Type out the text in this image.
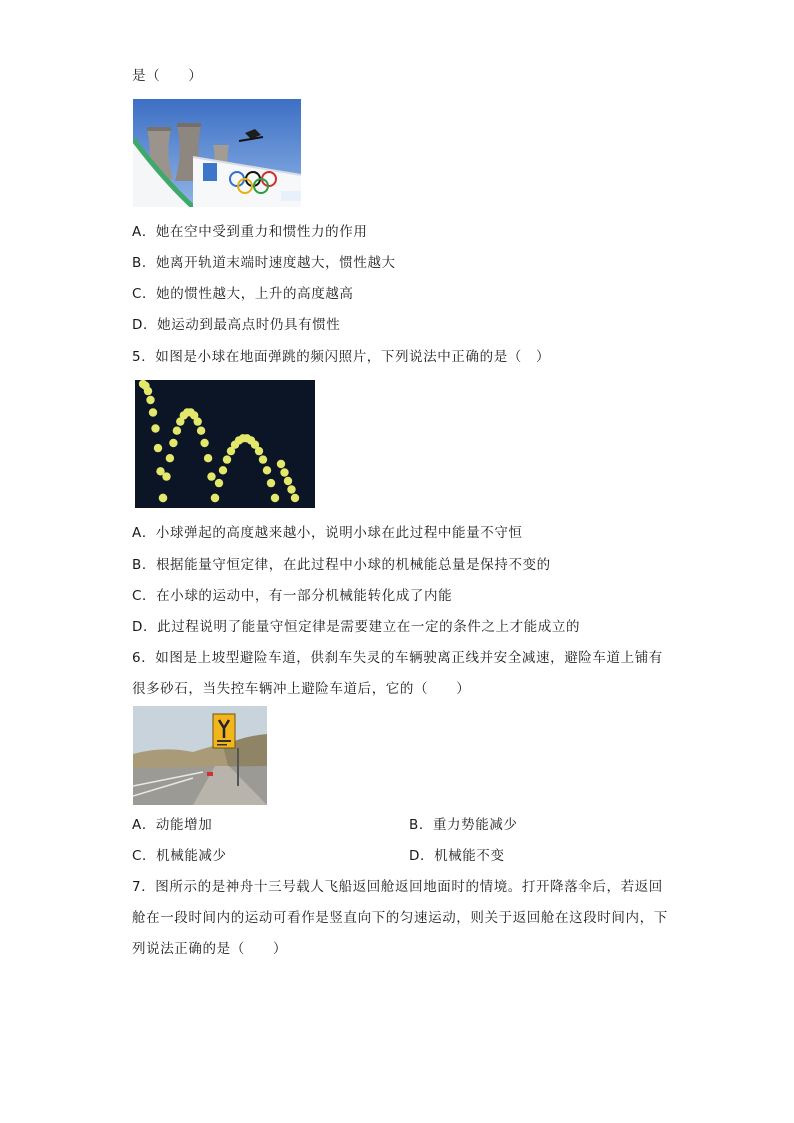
是（　　）
A．她在空中受到重力和惯性力的作用
B．她离开轨道末端时速度越大，惯性越大
C．她的惯性越大，上升的高度越高
D．她运动到最高点时仍具有惯性
5．如图是小球在地面弹跳的频闪照片，下列说法中正确的是（　）
A．小球弹起的高度越来越小，说明小球在此过程中能量不守恒
B．根据能量守恒定律，在此过程中小球的机械能总量是保持不变的
C．在小球的运动中，有一部分机械能转化成了内能
D．此过程说明了能量守恒定律是需要建立在一定的条件之上才能成立的
6．如图是上坡型避险车道，供刹车失灵的车辆驶离正线并安全减速，避险车道上铺有
很多砂石，当失控车辆冲上避险车道后，它的（　　）
A．动能增加	B．重力势能减少
C．机械能减少	D．机械能不变
7．图所示的是神舟十三号载人飞船返回舱返回地面时的情境。打开降落伞后，若返回
舱在一段时间内的运动可看作是竖直向下的匀速运动，则关于返回舱在这段时间内，下
列说法正确的是（　　）
